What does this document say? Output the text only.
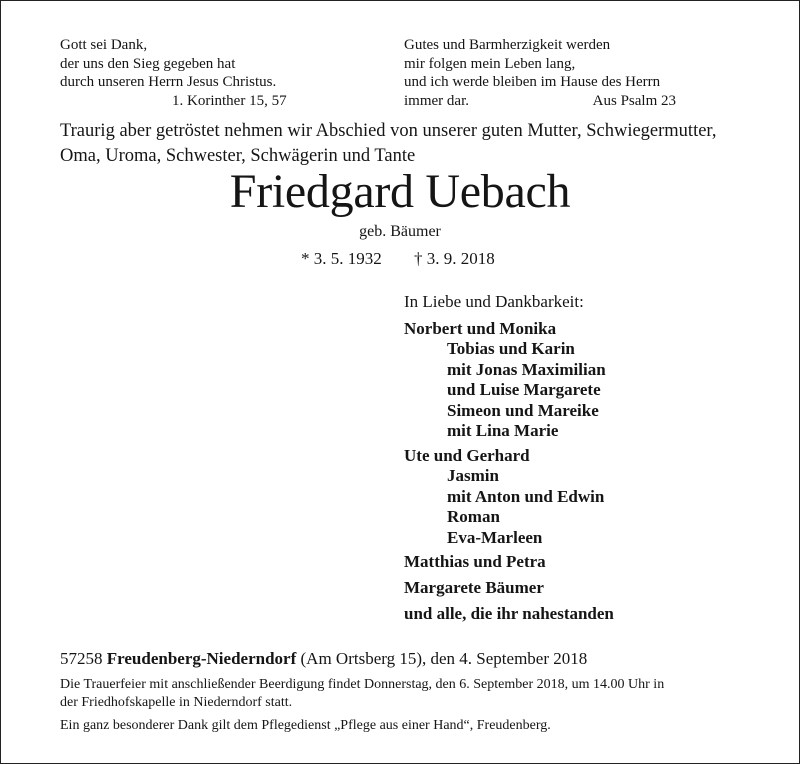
Gott sei Dank,
der uns den Sieg gegeben hat
durch unseren Herrn Jesus Christus.
1. Korinther 15, 57
Gutes und Barmherzigkeit werden
mir folgen mein Leben lang,
und ich werde bleiben im Hause des Herrn
immer dar.	Aus Psalm 23
Traurig aber getröstet nehmen wir Abschied von unserer guten Mutter, Schwiegermutter,
Oma, Uroma, Schwester, Schwägerin und Tante
Friedgard Uebach
geb. Bäumer
* 3. 5. 1932 † 3. 9. 2018
In Liebe und Dankbarkeit:
Norbert und Monika
Tobias und Karin
mit Jonas Maximilian
und Luise Margarete
Simeon und Mareike
mit Lina Marie
Ute und Gerhard
Jasmin
mit Anton und Edwin
Roman
Eva-Marleen
Matthias und Petra
Margarete Bäumer
und alle, die ihr nahestanden
57258 Freudenberg-Niederndorf (Am Ortsberg 15), den 4. September 2018
Die Trauerfeier mit anschließender Beerdigung findet Donnerstag, den 6. September 2018, um 14.00 Uhr in
der Friedhofskapelle in Niederndorf statt.
Ein ganz besonderer Dank gilt dem Pflegedienst „Pflege aus einer Hand“, Freudenberg.
